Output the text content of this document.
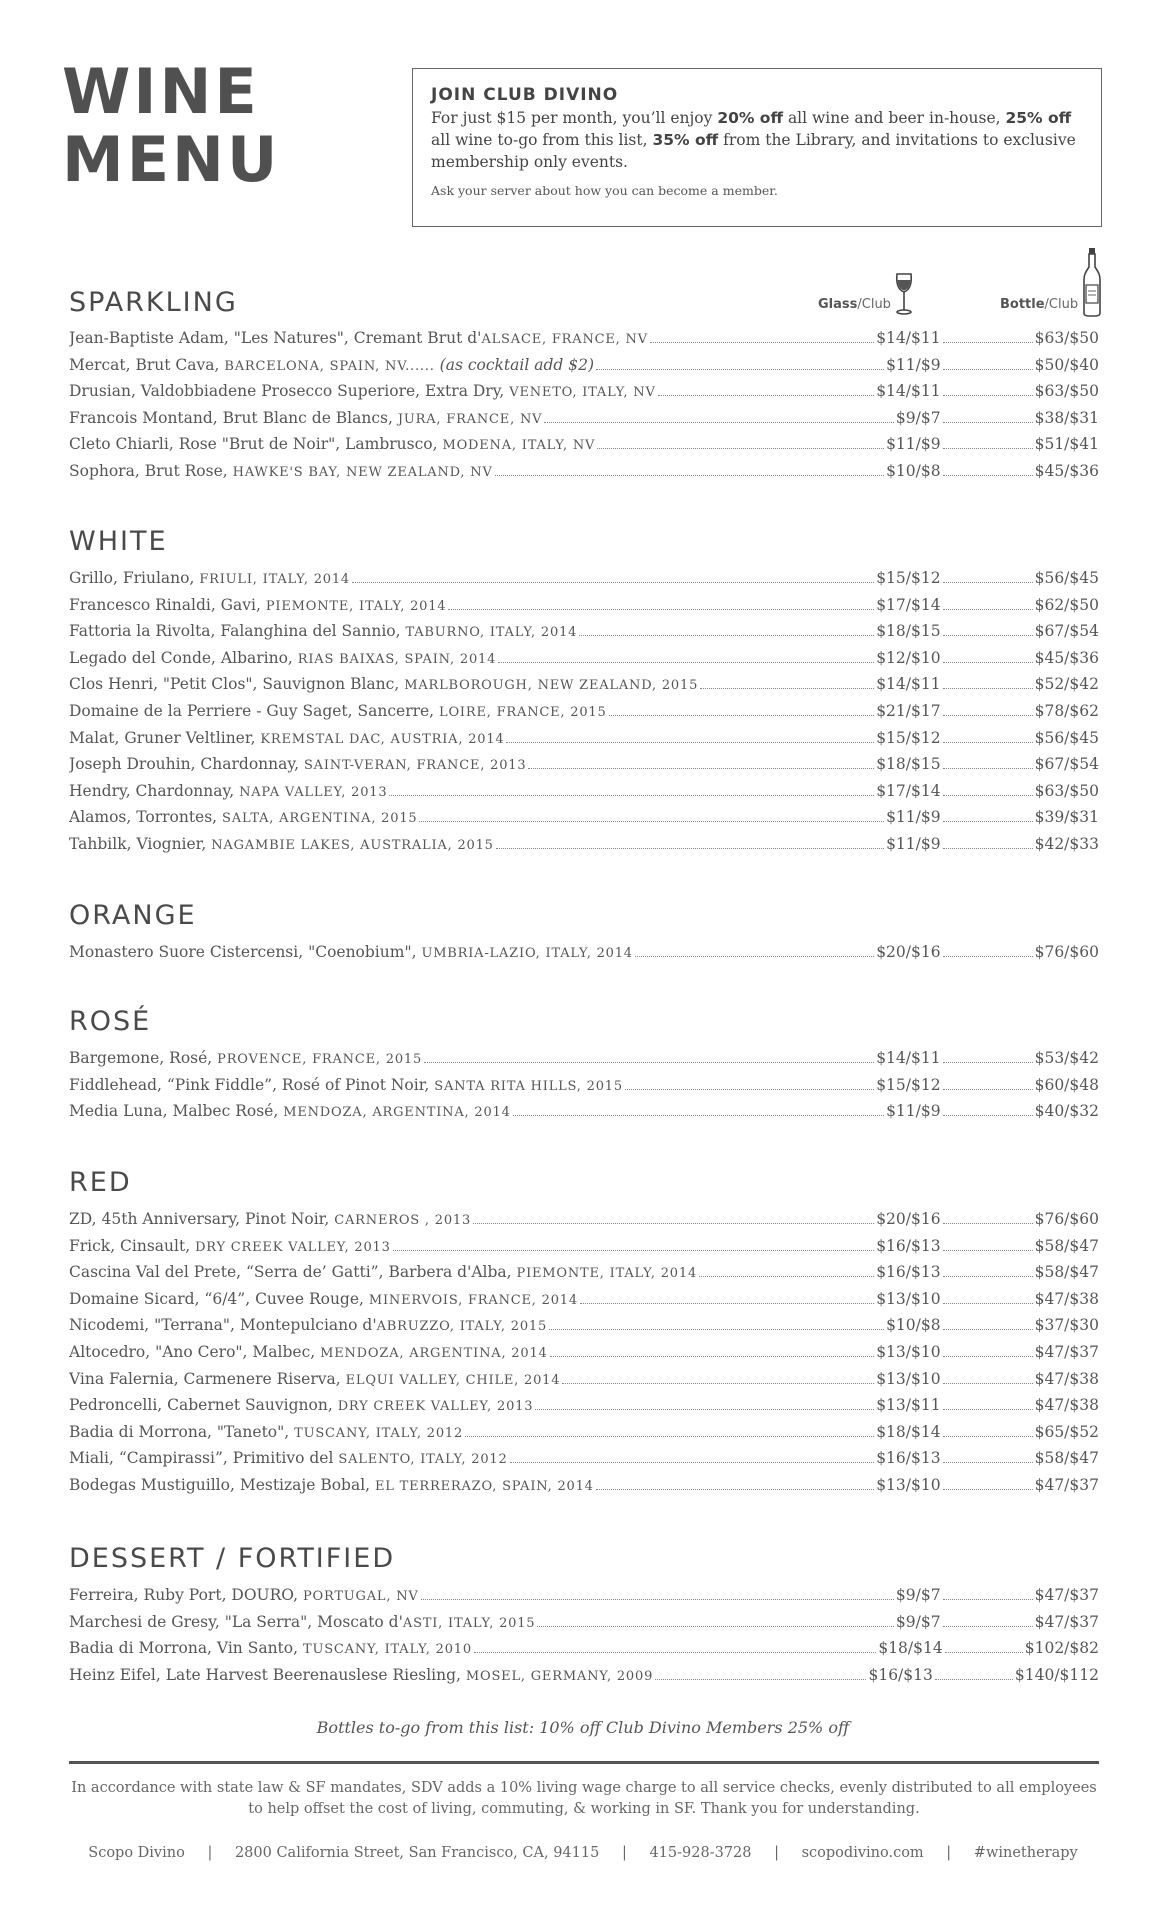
WINE
MENU
JOIN CLUB DIVINO
For just $15 per month, you’ll enjoy 20% off all wine and beer in-house, 25% off all wine to-go from this list, 35% off from the Library, and invitations to exclusive membership only events.
Ask your server about how you can become a member.
Glass/Club	Bottle/Club
SPARKLING
Jean-Baptiste Adam, "Les Natures", Cremant Brut d'ALSACE, FRANCE, NV	$14/$11	$63/$50
Mercat, Brut Cava, BARCELONA, SPAIN, NV...... (as cocktail add $2)	$11/$9	$50/$40
Drusian, Valdobbiadene Prosecco Superiore, Extra Dry, VENETO, ITALY, NV	$14/$11	$63/$50
Francois Montand, Brut Blanc de Blancs, JURA, FRANCE, NV	$9/$7	$38/$31
Cleto Chiarli, Rose "Brut de Noir", Lambrusco, MODENA, ITALY, NV	$11/$9	$51/$41
Sophora, Brut Rose, HAWKE'S BAY, NEW ZEALAND, NV	$10/$8	$45/$36
WHITE
Grillo, Friulano, FRIULI, ITALY, 2014	$15/$12	$56/$45
Francesco Rinaldi, Gavi, PIEMONTE, ITALY, 2014	$17/$14	$62/$50
Fattoria la Rivolta, Falanghina del Sannio, TABURNO, ITALY, 2014	$18/$15	$67/$54
Legado del Conde, Albarino, RIAS BAIXAS, SPAIN, 2014	$12/$10	$45/$36
Clos Henri, "Petit Clos", Sauvignon Blanc, MARLBOROUGH, NEW ZEALAND, 2015	$14/$11	$52/$42
Domaine de la Perriere - Guy Saget, Sancerre, LOIRE, FRANCE, 2015	$21/$17	$78/$62
Malat, Gruner Veltliner, KREMSTAL DAC, AUSTRIA, 2014	$15/$12	$56/$45
Joseph Drouhin, Chardonnay, SAINT-VERAN, FRANCE, 2013	$18/$15	$67/$54
Hendry, Chardonnay, NAPA VALLEY, 2013	$17/$14	$63/$50
Alamos, Torrontes, SALTA, ARGENTINA, 2015	$11/$9	$39/$31
Tahbilk, Viognier, NAGAMBIE LAKES, AUSTRALIA, 2015	$11/$9	$42/$33
ORANGE
Monastero Suore Cistercensi, "Coenobium", UMBRIA-LAZIO, ITALY, 2014	$20/$16	$76/$60
ROSÉ
Bargemone, Rosé, PROVENCE, FRANCE, 2015	$14/$11	$53/$42
Fiddlehead, “Pink Fiddle”, Rosé of Pinot Noir, SANTA RITA HILLS, 2015	$15/$12	$60/$48
Media Luna, Malbec Rosé, MENDOZA, ARGENTINA, 2014	$11/$9	$40/$32
RED
ZD, 45th Anniversary, Pinot Noir, CARNEROS , 2013	$20/$16	$76/$60
Frick, Cinsault, DRY CREEK VALLEY, 2013	$16/$13	$58/$47
Cascina Val del Prete, “Serra de’ Gatti”, Barbera d'Alba, PIEMONTE, ITALY, 2014	$16/$13	$58/$47
Domaine Sicard, “6/4”, Cuvee Rouge, MINERVOIS, FRANCE, 2014	$13/$10	$47/$38
Nicodemi, "Terrana", Montepulciano d'ABRUZZO, ITALY, 2015	$10/$8	$37/$30
Altocedro, "Ano Cero", Malbec, MENDOZA, ARGENTINA, 2014	$13/$10	$47/$37
Vina Falernia, Carmenere Riserva, ELQUI VALLEY, CHILE, 2014	$13/$10	$47/$38
Pedroncelli, Cabernet Sauvignon, DRY CREEK VALLEY, 2013	$13/$11	$47/$38
Badia di Morrona, "Taneto", TUSCANY, ITALY, 2012	$18/$14	$65/$52
Miali, “Campirassi”, Primitivo del SALENTO, ITALY, 2012	$16/$13	$58/$47
Bodegas Mustiguillo, Mestizaje Bobal, EL TERRERAZO, SPAIN, 2014	$13/$10	$47/$37
DESSERT / FORTIFIED
Ferreira, Ruby Port, DOURO, PORTUGAL, NV	$9/$7	$47/$37
Marchesi de Gresy, "La Serra", Moscato d'ASTI, ITALY, 2015	$9/$7	$47/$37
Badia di Morrona, Vin Santo, TUSCANY, ITALY, 2010	$18/$14	$102/$82
Heinz Eifel, Late Harvest Beerenauslese Riesling, MOSEL, GERMANY, 2009	$16/$13	$140/$112
Bottles to-go from this list: 10% off Club Divino Members 25% off
In accordance with state law & SF mandates, SDV adds a 10% living wage charge to all service checks, evenly distributed to all employees to help offset the cost of living, commuting, & working in SF. Thank you for understanding.
Scopo Divino | 2800 California Street, San Francisco, CA, 94115 | 415-928-3728 | scopodivino.com | #winetherapy
